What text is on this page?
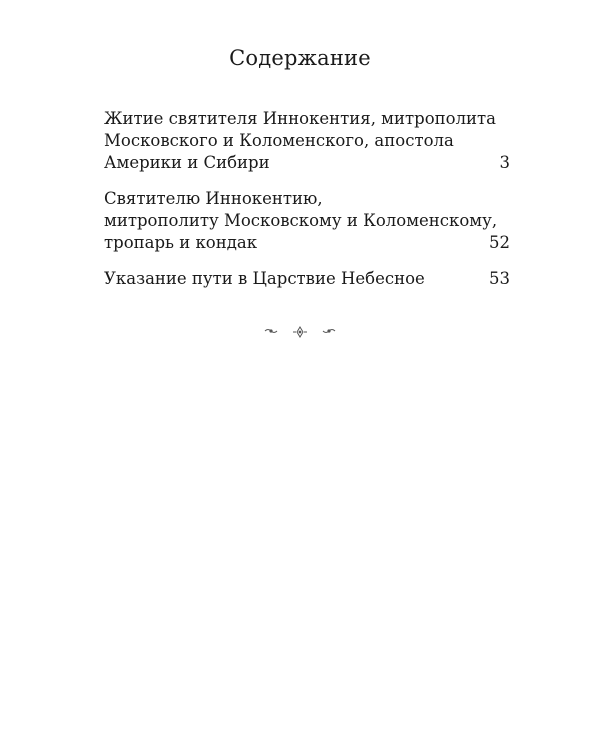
Содержание
Житие святителя Иннокентия, митрополита
Московского и Коломенского, апостола
Америки и Сибири	3
Святителю Иннокентию,
митрополиту Московскому и Коломенскому,
тропарь и кондак	52
Указание пути в Царствие Небесное	53
